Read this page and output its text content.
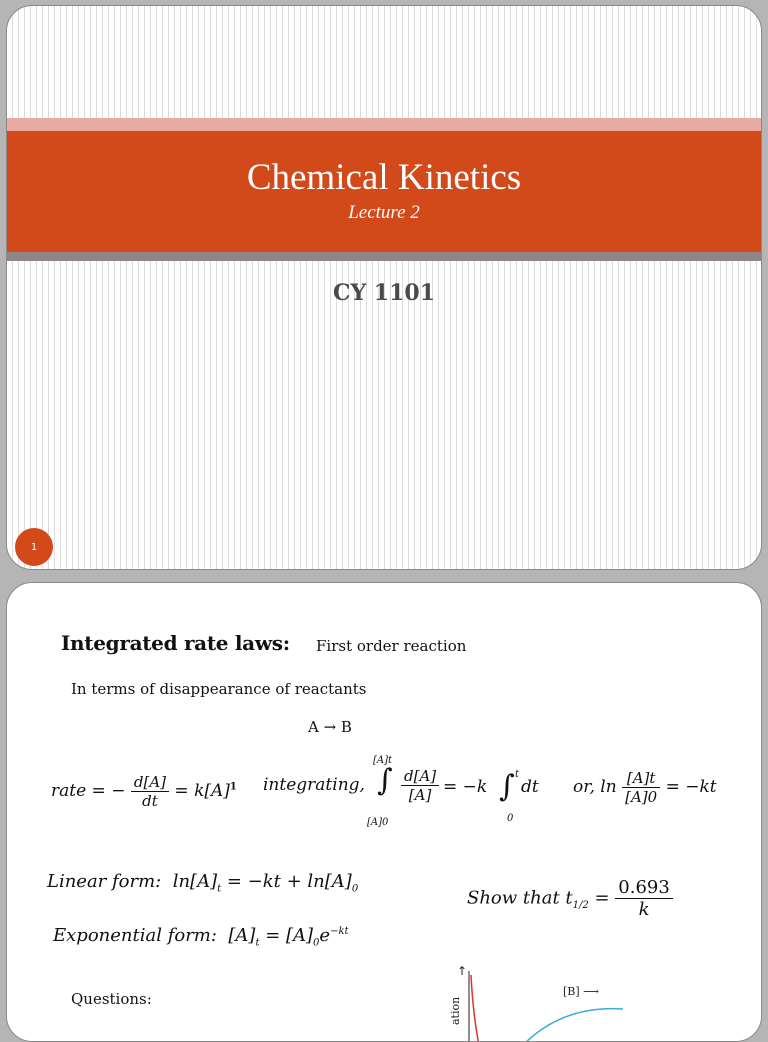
Chemical Kinetics
Lecture 2
CY 1101
1
Integrated rate laws: First order reaction
In terms of disappearance of reactants
A → B
rate = − $\frac{d[A]}{dt} = k[A]^1$ integrating,
[A]t
∫
[A]0
$\frac{d[A]}{[A]} = -k$
t
∫
0
dt or, $\ln \frac{[A]t}{[A]0} = -kt$
Linear form: $\ln[A]_t = -kt + \ln[A]_0$
Exponential form: $[A]_t = [A]_0e^{-kt}$
Show that $t_{1/2} = \frac{0.693}{k}$
Questions:
↑
ation
[B] ⟶
